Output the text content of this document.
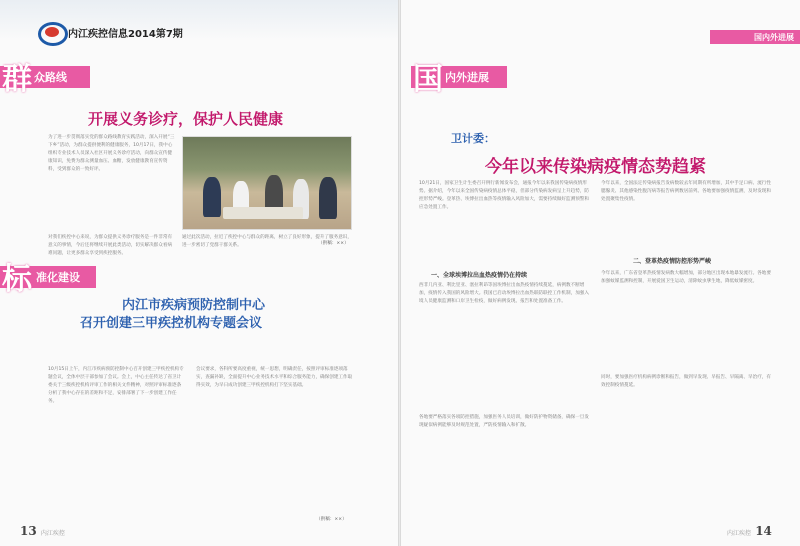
内江疾控信息2014第7期
众路线
群
开展义务诊疗，保护人民健康
为了进一步贯彻落实党的群众路线教育实践活动，深入开展“三下乡”活动，为群众提供便利的健康服务，10月17日，我中心组织专业技术人员深入社区开展义务诊疗活动，向群众宣传健康知识，免费为群众测量血压、血糖，发放健康教育宣传资料，受到群众的一致好评。
对我们疾控中心来说，为群众提供义务诊疗服务是一件非常有意义的事情，今后还将继续开展此类活动，切实解决群众看病难问题，让更多群众享受到疾控服务。
通过此次活动，拉近了疾控中心与群众的距离，树立了良好形象，提升了服务意识，进一步密切了党群干群关系。	（供稿：××）
准化建设
标
内江市疾病预防控制中心
召开创建三甲疾控机构专题会议
10月15日上午，内江市疾病预防控制中心召开创建三甲疾控机构专题会议，全体中层干部参加了会议。会上，中心主任传达了省卫计委关于三级疾控机构评审工作的相关文件精神，对照评审标准逐条分析了我中心存在的差距和不足，安排部署了下一步创建工作任务。
会议要求，各科所要高度重视，统一思想，明确责任，按照评审标准逐项落实，查漏补缺，全面提升中心业务技术水平和综合服务能力，确保创建工作取得实效，为早日成功创建三甲疾控机构打下坚实基础。
（供稿：××）
13 内江疾控
国内外进展
内外进展
国
卫计委：
今年以来传染病疫情态势趋紧
10月21日，国家卫生计生委召开例行新闻发布会，通报今年以来我国传染病疫情形势。据介绍，今年以来全国传染病疫情总体平稳，但部分传染病发病呈上升趋势，防控形势严峻。登革热、埃博拉出血热等疫情输入风险加大，需要持续做好监测预警和应急处置工作。
今年以来，全国法定传染病报告发病数较去年同期有所增加，其中手足口病、流行性腮腺炎、其他感染性腹泻病等报告病例数居前列。各地要加强疫情监测，及时发现和处置聚集性疫情。
一、全球埃博拉出血热疫情仍在持续
西非几内亚、利比里亚、塞拉利昂等国埃博拉出血热疫情持续蔓延，病例数不断增加，疫情传入我国的风险增大。我国已启动埃博拉出血热联防联控工作机制，加强入境人员健康监测和口岸卫生检疫，做好病例发现、报告和处置准备工作。
二、登革热疫情防控形势严峻
今年以来，广东省登革热疫情发病数大幅增加，部分地区出现本地暴发流行。各地要加强蚊媒监测和控制，开展爱国卫生运动，清除蚊虫孳生地，降低蚊媒密度。
各地要严格落实各项防控措施，加强医务人员培训，做好防护物资储备，确保一旦发现疑似病例能够及时规范处置，严防疫情输入和扩散。
同时，要加强医疗机构病例诊断和报告，做到早发现、早报告、早隔离、早治疗，有效控制疫情蔓延。
内江疾控 14
